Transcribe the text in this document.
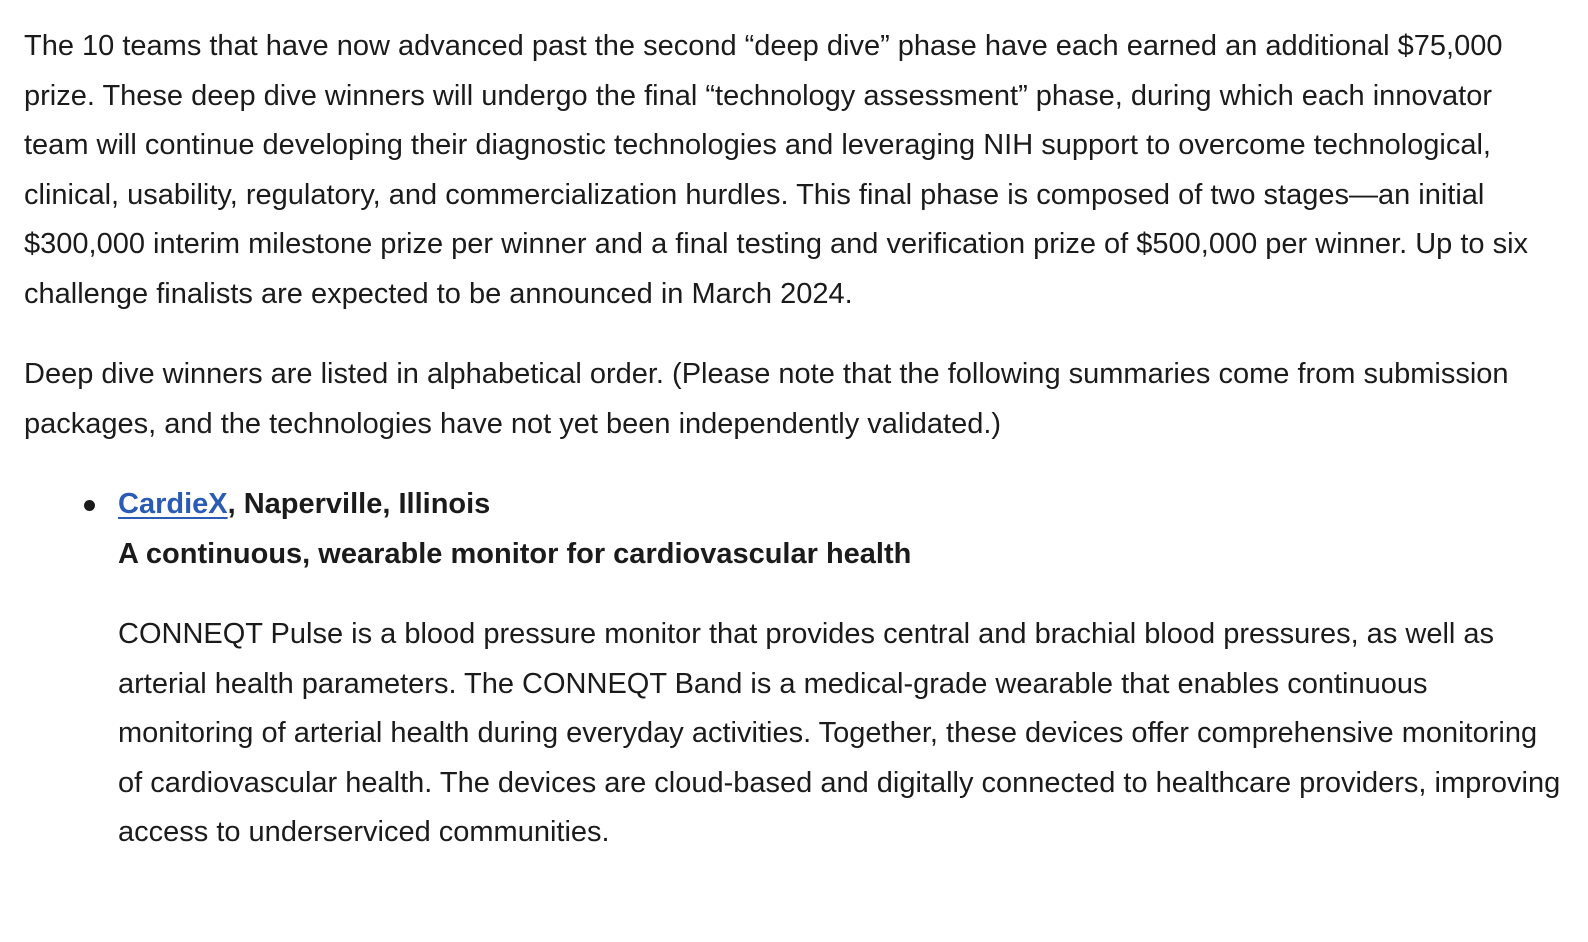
The 10 teams that have now advanced past the second “deep dive” phase have each earned an additional $75,000 prize. These deep dive winners will undergo the final “technology assessment” phase, during which each innovator team will continue developing their diagnostic technologies and leveraging NIH support to overcome technological, clinical, usability, regulatory, and commercialization hurdles. This final phase is composed of two stages—an initial $300,000 interim milestone prize per winner and a final testing and verification prize of $500,000 per winner. Up to six challenge finalists are expected to be announced in March 2024.

Deep dive winners are listed in alphabetical order. (Please note that the following summaries come from submission packages, and the technologies have not yet been independently validated.)

CardieX, Naperville, Illinois

A continuous, wearable monitor for cardiovascular health

CONNEQT Pulse is a blood pressure monitor that provides central and brachial blood pressures, as well as arterial health parameters. The CONNEQT Band is a medical-grade wearable that enables continuous monitoring of arterial health during everyday activities. Together, these devices offer comprehensive monitoring of cardiovascular health. The devices are cloud-based and digitally connected to healthcare providers, improving access to underserviced communities.
